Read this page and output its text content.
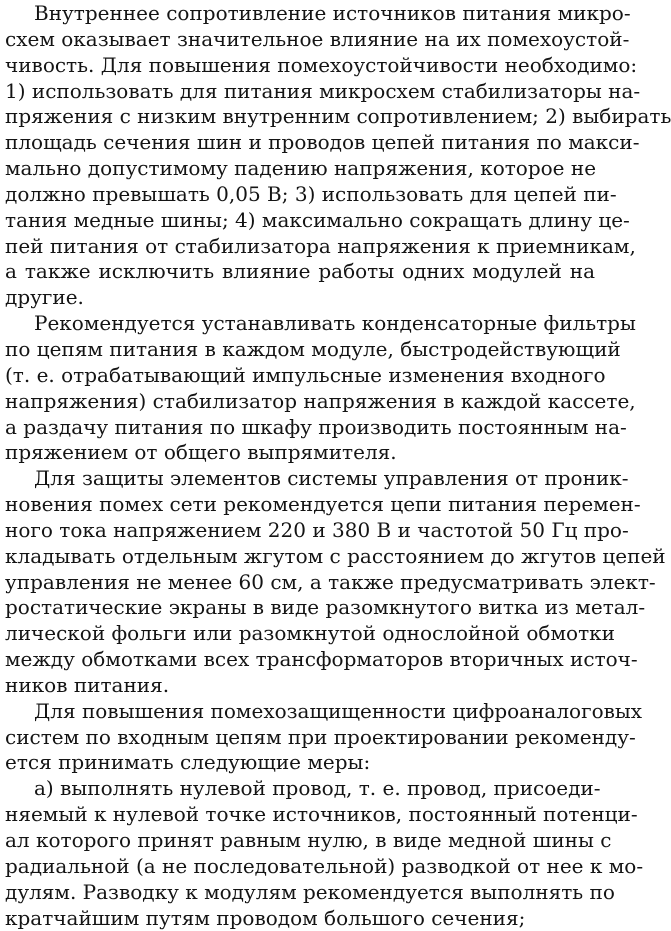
Внутреннее сопротивление источников питания микро-
схем оказывает значительное влияние на их помехоустой-
чивость. Для повышения помехоустойчивости необходимо:
1) использовать для питания микросхем стабилизаторы на-
пряжения с низким внутренним сопротивлением; 2) выбирать
площадь сечения шин и проводов цепей питания по макси-
мально допустимому падению напряжения, которое не
должно превышать 0,05 В; 3) использовать для цепей пи-
тания медные шины; 4) максимально сокращать длину це-
пей питания от стабилизатора напряжения к приемникам,
а также исключить влияние работы одних модулей на
другие.
Рекомендуется устанавливать конденсаторные фильтры
по цепям питания в каждом модуле, быстродействующий
(т. е. отрабатывающий импульсные изменения входного
напряжения) стабилизатор напряжения в каждой кассете,
а раздачу питания по шкафу производить постоянным на-
пряжением от общего выпрямителя.
Для защиты элементов системы управления от проник-
новения помех сети рекомендуется цепи питания перемен-
ного тока напряжением 220 и 380 В и частотой 50 Гц про-
кладывать отдельным жгутом с расстоянием до жгутов цепей
управления не менее 60 см, а также предусматривать элект-
ростатические экраны в виде разомкнутого витка из метал-
лической фольги или разомкнутой однослойной обмотки
между обмотками всех трансформаторов вторичных источ-
ников питания.
Для повышения помехозащищенности цифроаналоговых
систем по входным цепям при проектировании рекоменду-
ется принимать следующие меры:
а) выполнять нулевой провод, т. е. провод, присоеди-
няемый к нулевой точке источников, постоянный потенци-
ал которого принят равным нулю, в виде медной шины с
радиальной (а не последовательной) разводкой от нее к мо-
дулям. Разводку к модулям рекомендуется выполнять по
кратчайшим путям проводом большого сечения;
